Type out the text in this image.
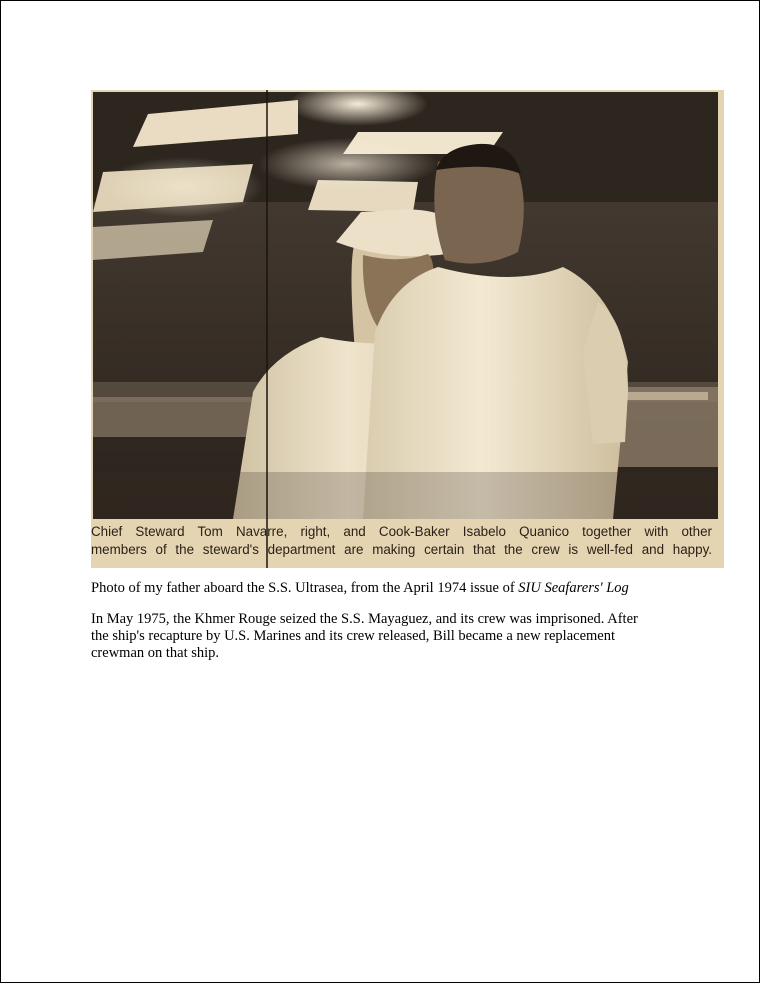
Chief Steward Tom Navarre, right, and Cook-Baker Isabelo Quanico together with other
members of the steward's department are making certain that the crew is well-fed and happy.
Photo of my father aboard the S.S. Ultrasea, from the April 1974 issue of SIU Seafarers' Log

In May 1975, the Khmer Rouge seized the S.S. Mayaguez, and its crew was imprisoned. After

the ship's recapture by U.S. Marines and its crew released, Bill became a new replacement

crewman on that ship.
